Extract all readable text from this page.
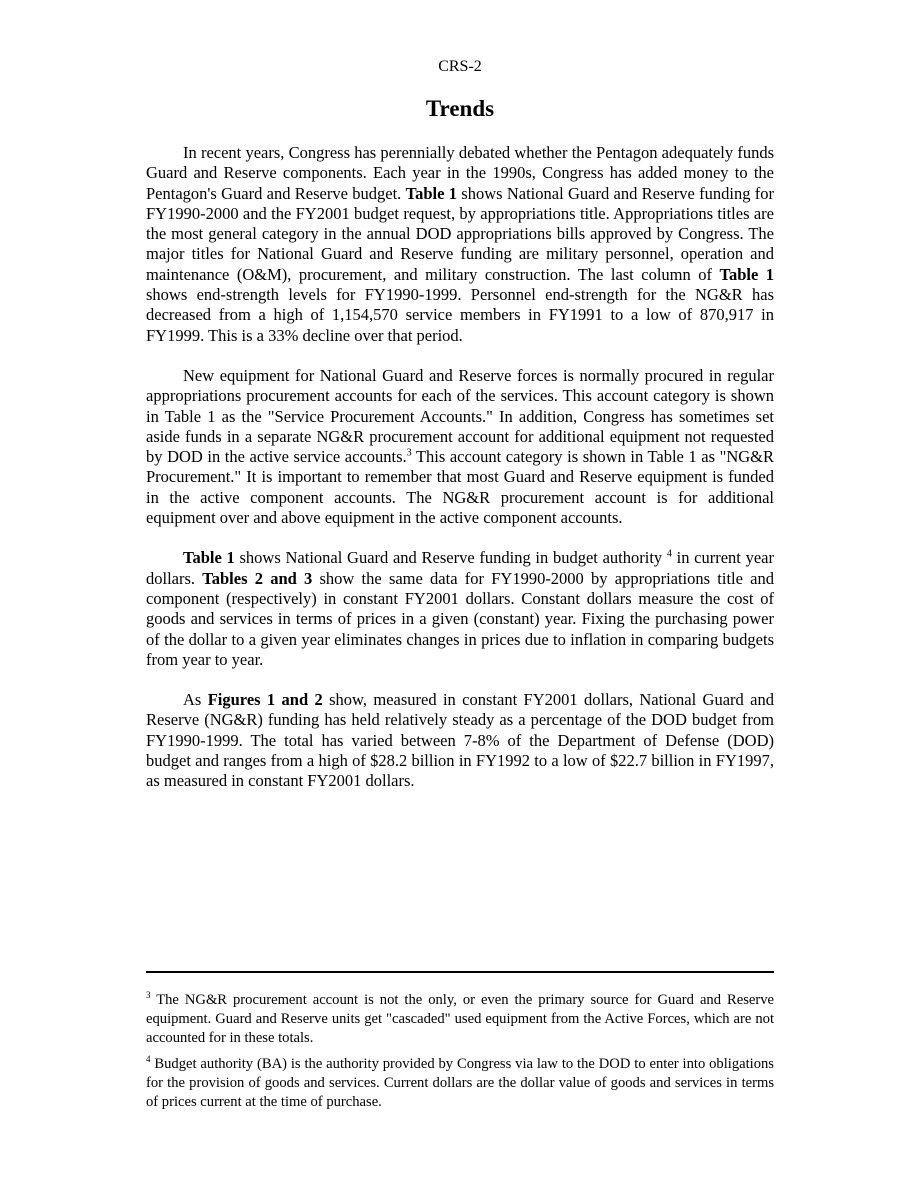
CRS-2
Trends

In recent years, Congress has perennially debated whether the Pentagon adequately funds Guard and Reserve components. Each year in the 1990s, Congress has added money to the Pentagon's Guard and Reserve budget. Table 1 shows National Guard and Reserve funding for FY1990-2000 and the FY2001 budget request, by appropriations title. Appropriations titles are the most general category in the annual DOD appropriations bills approved by Congress. The major titles for National Guard and Reserve funding are military personnel, operation and maintenance (O&M), procurement, and military construction. The last column of Table 1 shows end-strength levels for FY1990-1999. Personnel end-strength for the NG&R has decreased from a high of 1,154,570 service members in FY1991 to a low of 870,917 in FY1999. This is a 33% decline over that period.

New equipment for National Guard and Reserve forces is normally procured in regular appropriations procurement accounts for each of the services. This account category is shown in Table 1 as the "Service Procurement Accounts." In addition, Congress has sometimes set aside funds in a separate NG&R procurement account for additional equipment not requested by DOD in the active service accounts.$^3$ This account category is shown in Table 1 as "NG&R Procurement." It is important to remember that most Guard and Reserve equipment is funded in the active component accounts. The NG&R procurement account is for additional equipment over and above equipment in the active component accounts.

Table 1 shows National Guard and Reserve funding in budget authority $^4$ in current year dollars. Tables 2 and 3 show the same data for FY1990-2000 by appropriations title and component (respectively) in constant FY2001 dollars. Constant dollars measure the cost of goods and services in terms of prices in a given (constant) year. Fixing the purchasing power of the dollar to a given year eliminates changes in prices due to inflation in comparing budgets from year to year.

As Figures 1 and 2 show, measured in constant FY2001 dollars, National Guard and Reserve (NG&R) funding has held relatively steady as a percentage of the DOD budget from FY1990-1999. The total has varied between 7-8% of the Department of Defense (DOD) budget and ranges from a high of $28.2 billion in FY1992 to a low of $22.7 billion in FY1997, as measured in constant FY2001 dollars.

$^3$ The NG&R procurement account is not the only, or even the primary source for Guard and Reserve equipment. Guard and Reserve units get "cascaded" used equipment from the Active Forces, which are not accounted for in these totals.

$^4$ Budget authority (BA) is the authority provided by Congress via law to the DOD to enter into obligations for the provision of goods and services. Current dollars are the dollar value of goods and services in terms of prices current at the time of purchase.
